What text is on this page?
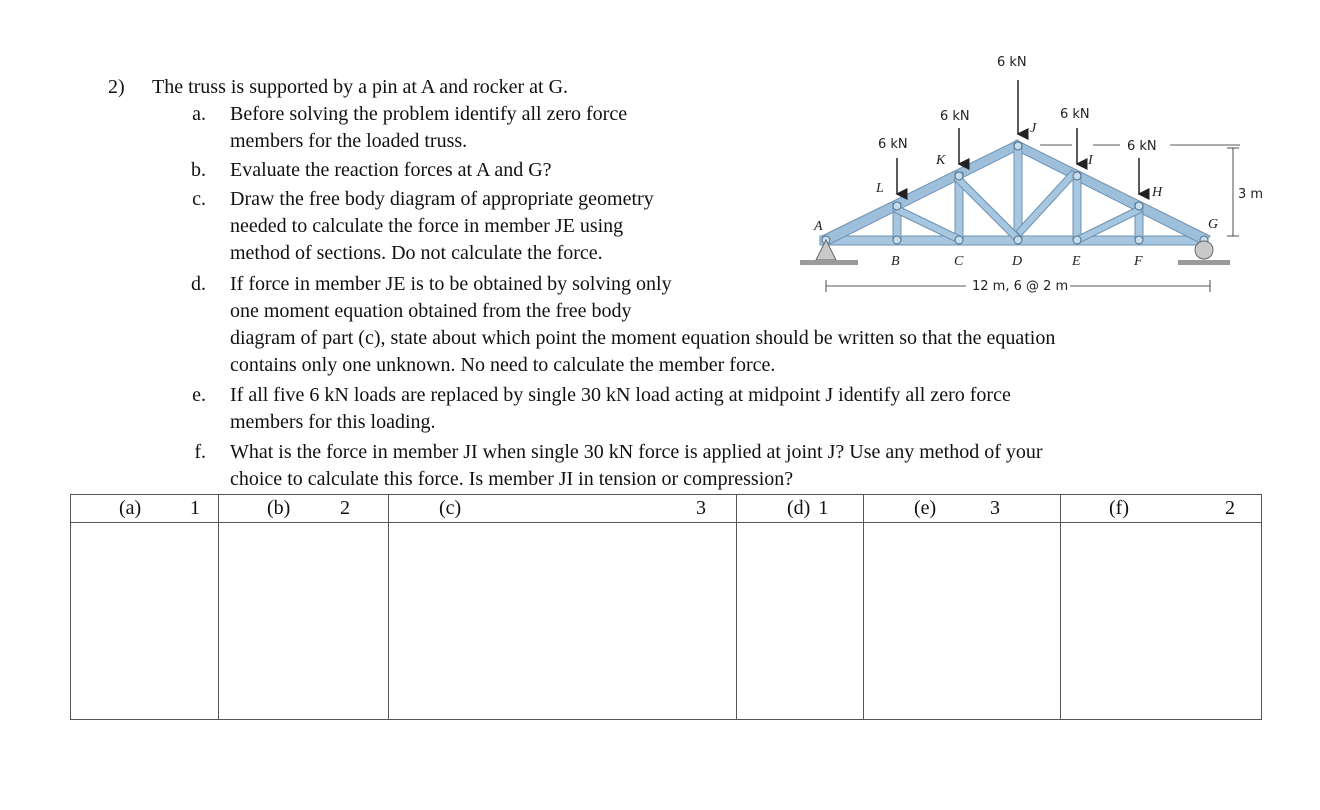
2) The truss is supported by a pin at A and rocker at G.
a. Before solving the problem identify all zero force
members for the loaded truss.
b. Evaluate the reaction forces at A and G?
c. Draw the free body diagram of appropriate geometry
needed to calculate the force in member JE using
method of sections. Do not calculate the force.
d. If force in member JE is to be obtained by solving only
one moment equation obtained from the free body
diagram of part (c), state about which point the moment equation should be written so that the equation
contains only one unknown. No need to calculate the member force.
e. If all five 6 kN loads are replaced by single 30 kN load acting at midpoint J identify all zero force
members for this loading.
f. What is the force in member JI when single 30 kN force is applied at joint J? Use any method of your
choice to calculate this force. Is member JI in tension or compression?
6 kN
6 kN
6 kN
6 kN
6 kN
3 m
12 m, 6 @ 2 m
A
L
K
J
I
H
G
B	C	D	E	F
(a) 1	(b) 2	(c) 3	(d) 1	(e) 3	(f) 2
